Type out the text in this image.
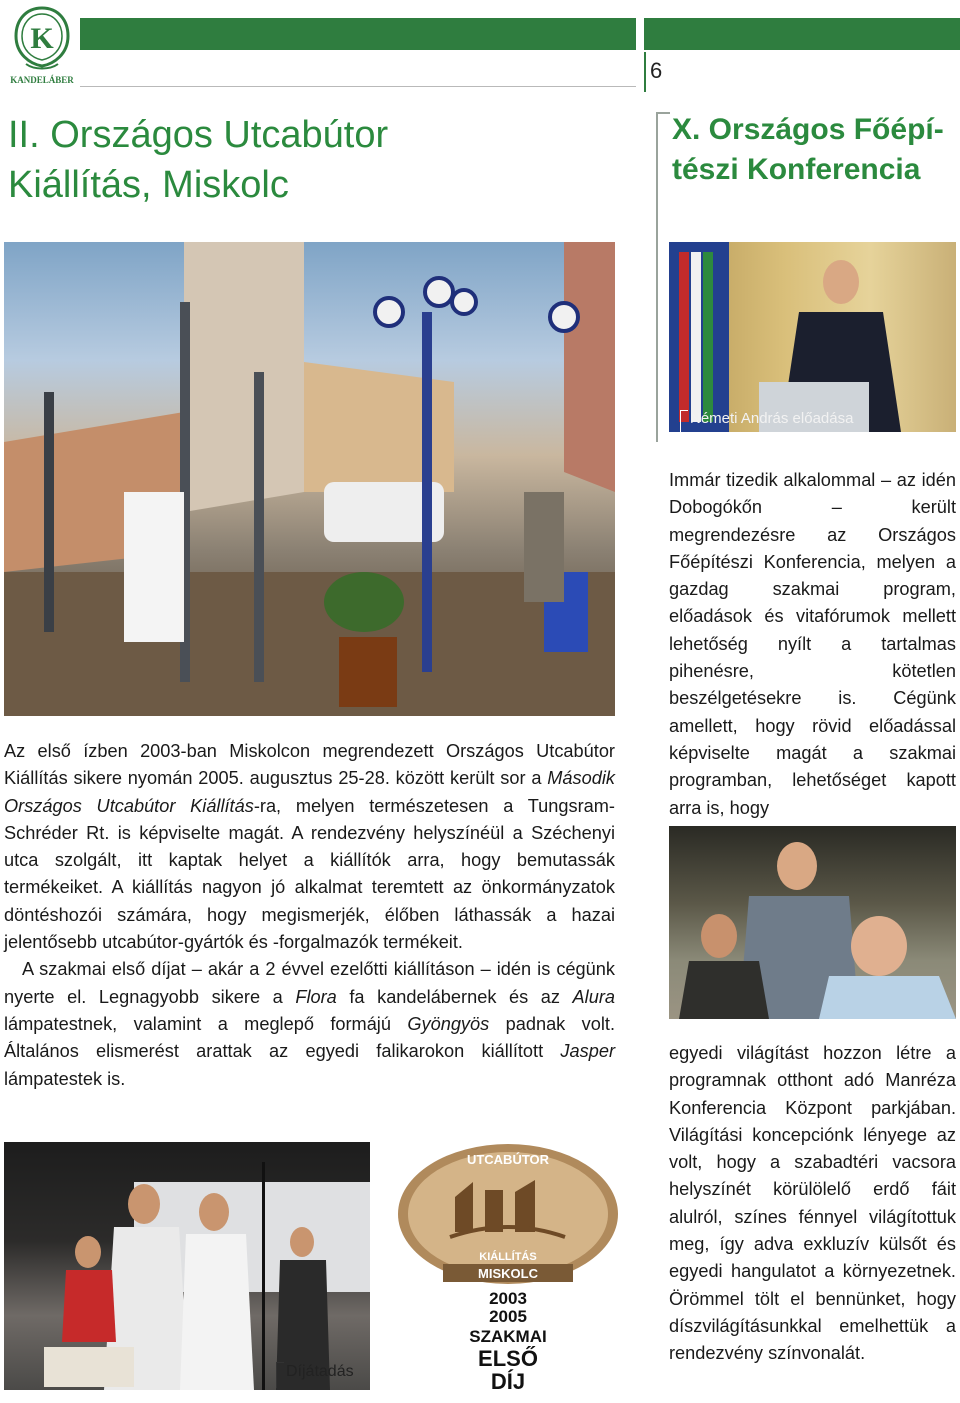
K
KANDELÁBER	6
II. Országos Utcabútor
Kiállítás, Miskolc
X. Országos Főépí-
tészi Konferencia
Németi András előadása

Immár tizedik alkalommal – az idén Dobogókőn – került megrendezésre az Országos Főépítészi Konferencia, melyen a gazdag szakmai program, előadások és vitafórumok mellett lehetőség nyílt a tartalmas pihenésre, kötetlen beszélgetésekre is. Cégünk amellett, hogy rövid előadással képviselte magát a szakmai programban, lehetőséget kapott arra is, hogy

egyedi világítást hozzon létre a programnak otthont adó Manréza Konferencia Központ parkjában. Világítási koncepciónk lényege az volt, hogy a szabadtéri vacsora helyszínét körülölelő erdő fáit alulról, színes fénnyel világítottuk meg, így adva exkluzív külsőt és egyedi hangulatot a környezetnek. Örömmel tölt el bennünket, hogy díszvilágításunkkal emelhettük a rendezvény színvonalát.

Az első ízben 2003-ban Miskolcon megrendezett Országos Utcabútor Kiállítás sikere nyomán 2005. augusztus 25-28. között került sor a Második Országos Utcabútor Kiállítás-ra, melyen természetesen a Tungsram-Schréder Rt. is képviselte magát. A rendezvény helyszínéül a Széchenyi utca szolgált, itt kaptak helyet a kiállítók arra, hogy bemutassák termékeiket. A kiállítás nagyon jó alkalmat teremtett az önkormányzatok döntéshozói számára, hogy megismerjék, élőben láthassák a hazai jelentősebb utcabútor-gyártók és -forgalmazók termékeit.

A szakmai első díjat – akár a 2 évvel ezelőtti kiállításon – idén is cégünk nyerte el. Legnagyobb sikere a Flora fa kandelábernek és az Alura lámpatestnek, valamint a meglepő formájú Gyöngyös padnak volt. Általános elismerést arattak az egyedi falikarokon kiállított Jasper lámpatestek is.

Díjátadás
UTCABÚTOR
KIÁLLÍTÁS
MISKOLC
2003
2005
SZAKMAI
ELSŐ
DÍJ
